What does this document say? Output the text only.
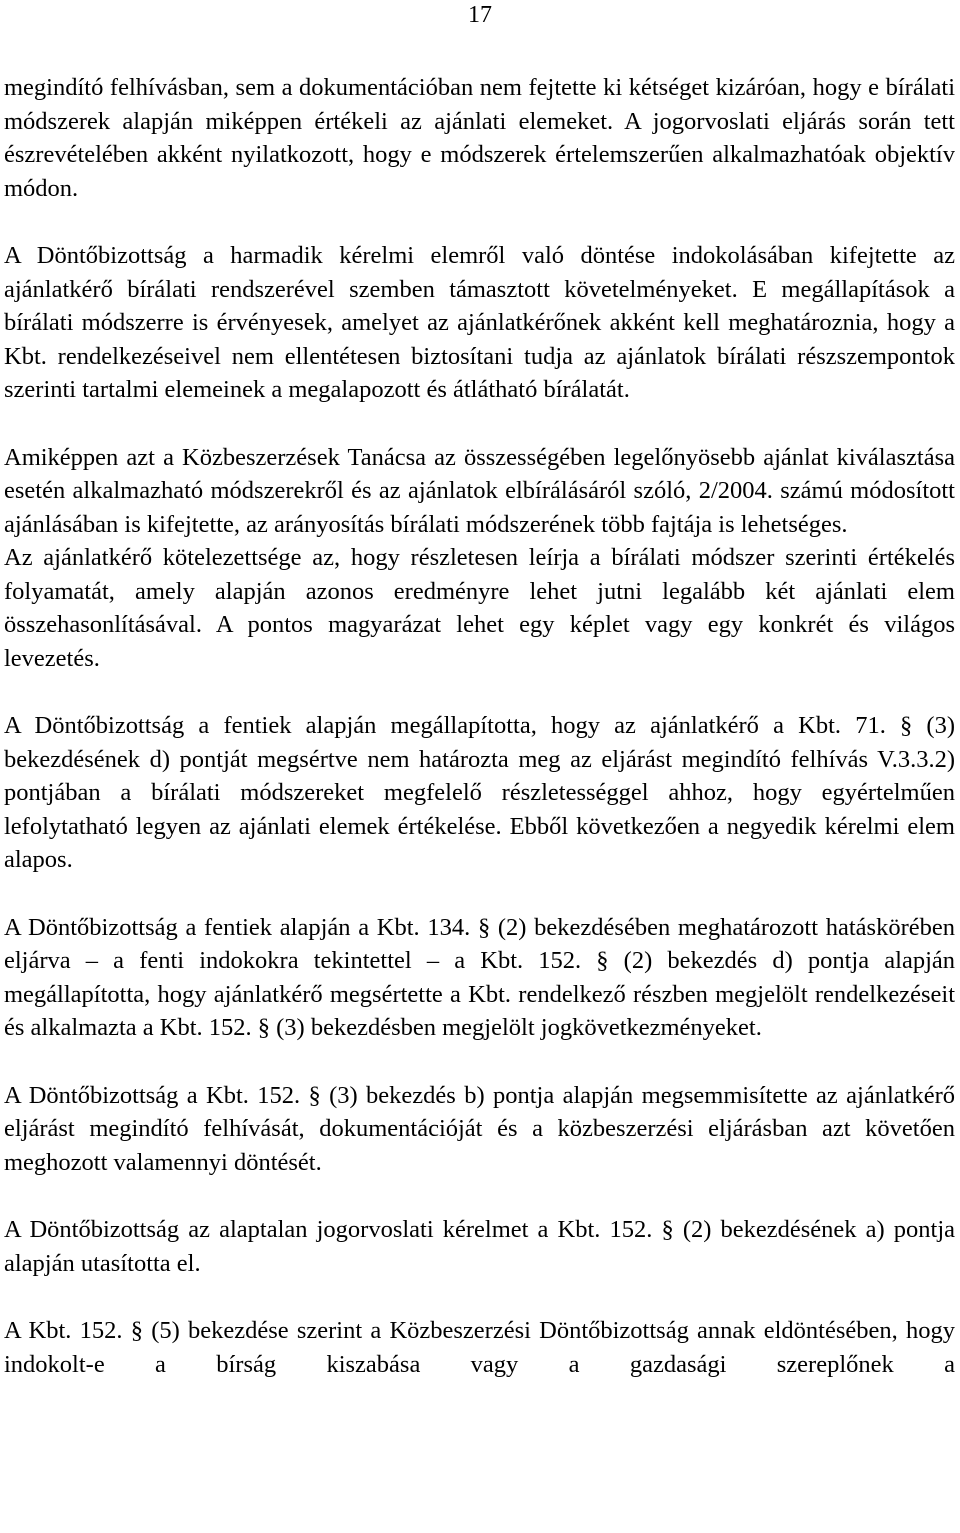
17

megindító felhívásban, sem a dokumentációban nem fejtette ki kétséget kizáróan, hogy e bírálati módszerek alapján miképpen értékeli az ajánlati elemeket. A jogorvoslati eljárás során tett észrevételében akként nyilatkozott, hogy e módszerek értelemszerűen alkalmazhatóak objektív módon.

A Döntőbizottság a harmadik kérelmi elemről való döntése indokolásában kifejtette az ajánlatkérő bírálati rendszerével szemben támasztott követelményeket. E megállapítások a bírálati módszerre is érvényesek, amelyet az ajánlatkérőnek akként kell meghatároznia, hogy a Kbt. rendelkezéseivel nem ellentétesen biztosítani tudja az ajánlatok bírálati részszempontok szerinti tartalmi elemeinek a megalapozott és átlátható bírálatát.

Amiképpen azt a Közbeszerzések Tanácsa az összességében legelőnyösebb ajánlat kiválasztása esetén alkalmazható módszerekről és az ajánlatok elbírálásáról szóló, 2/2004. számú módosított ajánlásában is kifejtette, az arányosítás bírálati módszerének több fajtája is lehetséges.

Az ajánlatkérő kötelezettsége az, hogy részletesen leírja a bírálati módszer szerinti értékelés folyamatát, amely alapján azonos eredményre lehet jutni legalább két ajánlati elem összehasonlításával. A pontos magyarázat lehet egy képlet vagy egy konkrét és világos levezetés.

A Döntőbizottság a fentiek alapján megállapította, hogy az ajánlatkérő a Kbt. 71. § (3) bekezdésének d) pontját megsértve nem határozta meg az eljárást megindító felhívás V.3.3.2) pontjában a bírálati módszereket megfelelő részletességgel ahhoz, hogy egyértelműen lefolytatható legyen az ajánlati elemek értékelése. Ebből következően a negyedik kérelmi elem alapos.

A Döntőbizottság a fentiek alapján a Kbt. 134. § (2) bekezdésében meghatározott hatáskörében eljárva – a fenti indokokra tekintettel – a Kbt. 152. § (2) bekezdés d) pontja alapján megállapította, hogy ajánlatkérő megsértette a Kbt. rendelkező részben megjelölt rendelkezéseit és alkalmazta a Kbt. 152. § (3) bekezdésben megjelölt jogkövetkezményeket.

A Döntőbizottság a Kbt. 152. § (3) bekezdés b) pontja alapján megsemmisítette az ajánlatkérő eljárást megindító felhívását, dokumentációját és a közbeszerzési eljárásban azt követően meghozott valamennyi döntését.

A Döntőbizottság az alaptalan jogorvoslati kérelmet a Kbt. 152. § (2) bekezdésének a) pontja alapján utasította el.

A Kbt. 152. § (5) bekezdése szerint a Közbeszerzési Döntőbizottság annak eldöntésében, hogy indokolt-e a bírság kiszabása vagy a gazdasági szereplőnek a
